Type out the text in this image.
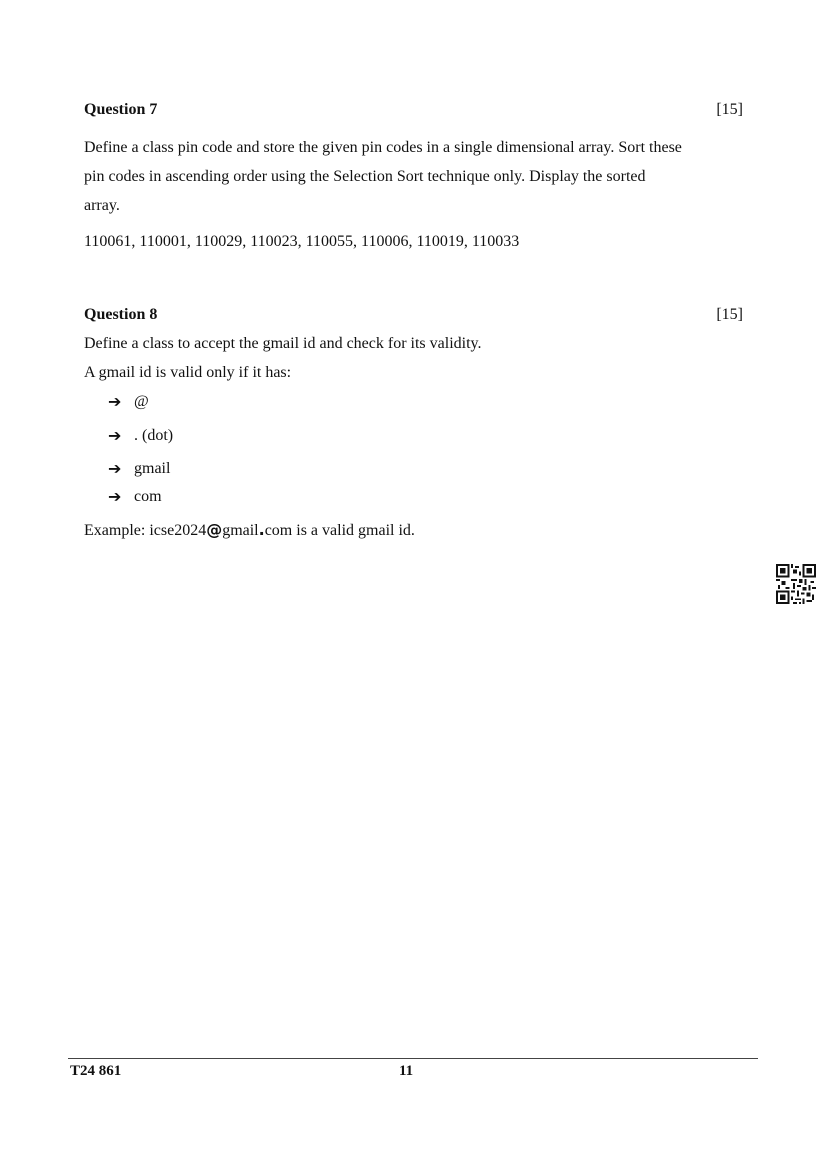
Question 7	[15]
Define a class pin code and store the given pin codes in a single dimensional array. Sort these pin codes in ascending order using the Selection Sort technique only. Display the sorted array.
110061, 110001, 110029, 110023, 110055, 110006, 110019, 110033
Question 8	[15]
Define a class to accept the gmail id and check for its validity.
A gmail id is valid only if it has:
➔ @
➔ . (dot)
➔ gmail
➔ com
Example: icse2024@gmail.com is a valid gmail id.
T24 861	11
